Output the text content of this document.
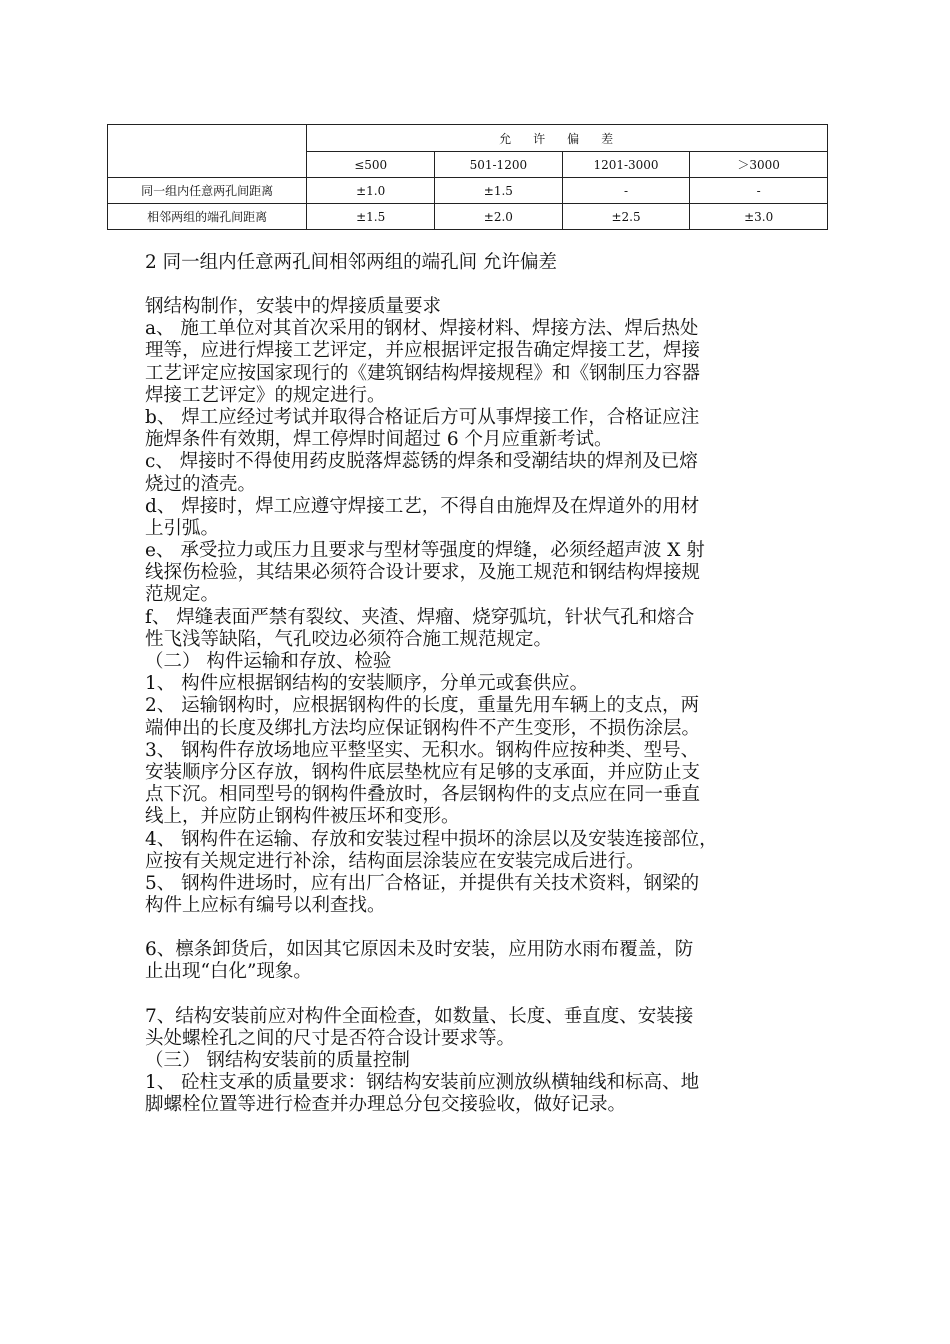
	允许偏差			
	≤500	501-1200	1201-3000	＞3000
同一组内任意两孔间距离	±1.0	±1.5	-	-
相邻两组的端孔间距离	±1.5	±2.0	±2.5	±3.0
2 同一组内任意两孔间相邻两组的端孔间 允许偏差
钢结构制作，安装中的焊接质量要求
a、 施工单位对其首次采用的钢材、焊接材料、焊接方法、焊后热处
理等，应进行焊接工艺评定，并应根据评定报告确定焊接工艺，焊接
工艺评定应按国家现行的《建筑钢结构焊接规程》和《钢制压力容器
焊接工艺评定》的规定进行。
b、 焊工应经过考试并取得合格证后方可从事焊接工作，合格证应注
施焊条件有效期，焊工停焊时间超过 6 个月应重新考试。
c、 焊接时不得使用药皮脱落焊蕊锈的焊条和受潮结块的焊剂及已熔
烧过的渣壳。
d、 焊接时，焊工应遵守焊接工艺，不得自由施焊及在焊道外的用材
上引弧。
e、 承受拉力或压力且要求与型材等强度的焊缝，必须经超声波 X 射
线探伤检验，其结果必须符合设计要求，及施工规范和钢结构焊接规
范规定。
f、 焊缝表面严禁有裂纹、夹渣、焊瘤、烧穿弧坑，针状气孔和熔合
性飞浅等缺陷，气孔咬边必须符合施工规范规定。
（二） 构件运输和存放、检验
1、 构件应根据钢结构的安装顺序，分单元或套供应。
2、 运输钢构时，应根据钢构件的长度，重量先用车辆上的支点，两
端伸出的长度及绑扎方法均应保证钢构件不产生变形，不损伤涂层。
3、 钢构件存放场地应平整坚实、无积水。钢构件应按种类、型号、
安装顺序分区存放，钢构件底层垫枕应有足够的支承面，并应防止支
点下沉。相同型号的钢构件叠放时，各层钢构件的支点应在同一垂直
线上，并应防止钢构件被压坏和变形。
4、 钢构件在运输、存放和安装过程中损坏的涂层以及安装连接部位，
应按有关规定进行补涂，结构面层涂装应在安装完成后进行。
5、 钢构件进场时，应有出厂合格证，并提供有关技术资料，钢梁的
构件上应标有编号以利查找。
6、檩条卸货后，如因其它原因未及时安装，应用防水雨布覆盖，防
止出现“白化”现象。
7、结构安装前应对构件全面检查，如数量、长度、垂直度、安装接
头处螺栓孔之间的尺寸是否符合设计要求等。
（三） 钢结构安装前的质量控制
1、 砼柱支承的质量要求：钢结构安装前应测放纵横轴线和标高、地
脚螺栓位置等进行检查并办理总分包交接验收，做好记录。
